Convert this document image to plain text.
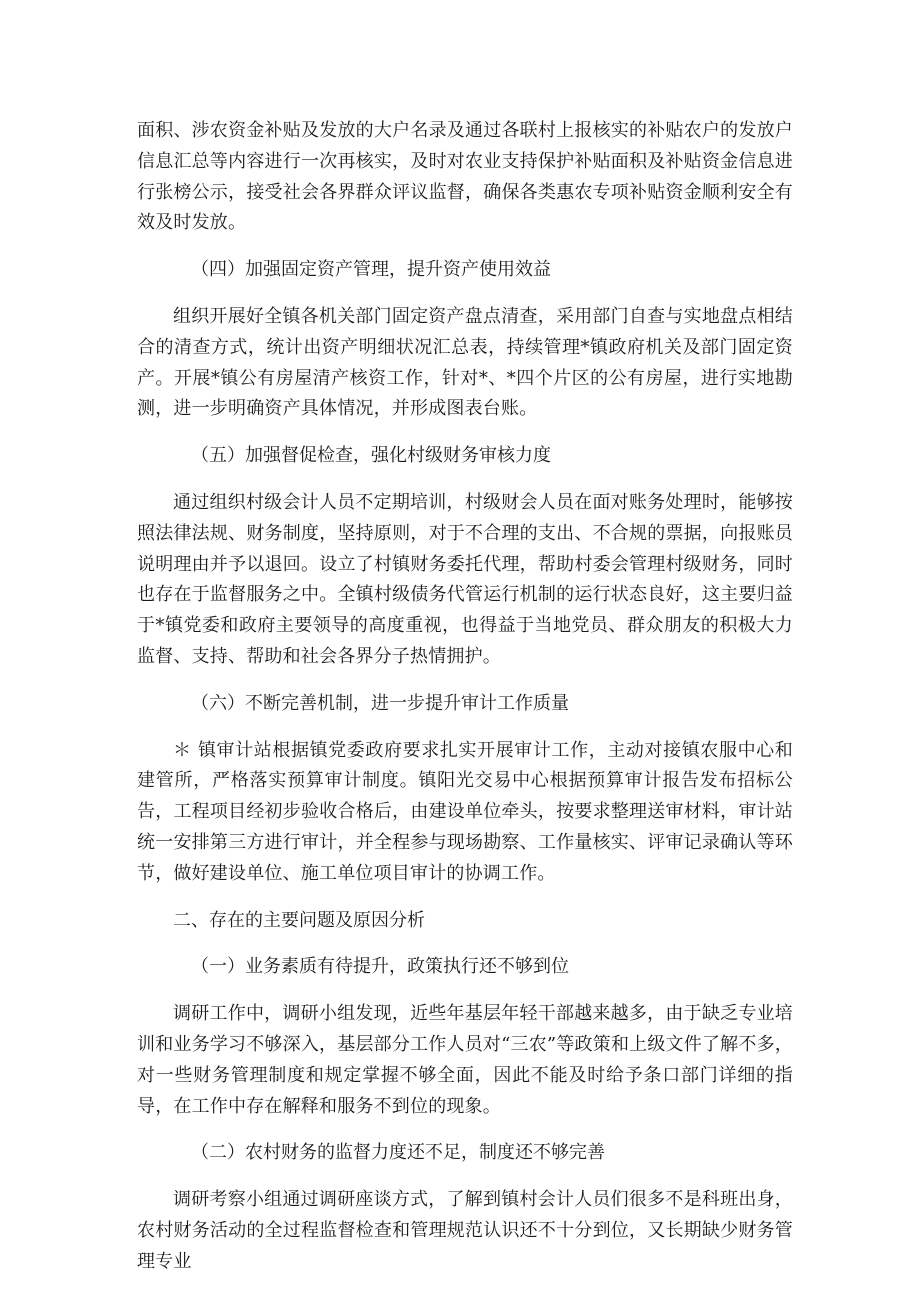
面积、涉农资金补贴及发放的大户名录及通过各联村上报核实的补贴农户的发放户信息汇总等内容进行一次再核实，及时对农业支持保护补贴面积及补贴资金信息进行张榜公示，接受社会各界群众评议监督，确保各类惠农专项补贴资金顺利安全有效及时发放。

（四）加强固定资产管理，提升资产使用效益

组织开展好全镇各机关部门固定资产盘点清查，采用部门自查与实地盘点相结合的清查方式，统计出资产明细状况汇总表，持续管理*镇政府机关及部门固定资产。开展*镇公有房屋清产核资工作，针对*、*四个片区的公有房屋，进行实地勘测，进一步明确资产具体情况，并形成图表台账。

（五）加强督促检查，强化村级财务审核力度

通过组织村级会计人员不定期培训，村级财会人员在面对账务处理时，能够按照法律法规、财务制度，坚持原则，对于不合理的支出、不合规的票据，向报账员说明理由并予以退回。设立了村镇财务委托代理，帮助村委会管理村级财务，同时也存在于监督服务之中。全镇村级债务代管运行机制的运行状态良好，这主要归益于*镇党委和政府主要领导的高度重视，也得益于当地党员、群众朋友的积极大力监督、支持、帮助和社会各界分子热情拥护。

（六）不断完善机制，进一步提升审计工作质量

＊ 镇审计站根据镇党委政府要求扎实开展审计工作，主动对接镇农服中心和建管所，严格落实预算审计制度。镇阳光交易中心根据预算审计报告发布招标公告，工程项目经初步验收合格后，由建设单位牵头，按要求整理送审材料，审计站统一安排第三方进行审计，并全程参与现场勘察、工作量核实、评审记录确认等环节，做好建设单位、施工单位项目审计的协调工作。

二、存在的主要问题及原因分析

（一）业务素质有待提升，政策执行还不够到位

调研工作中，调研小组发现，近些年基层年轻干部越来越多，由于缺乏专业培训和业务学习不够深入，基层部分工作人员对“三农”等政策和上级文件了解不多，对一些财务管理制度和规定掌握不够全面，因此不能及时给予条口部门详细的指导，在工作中存在解释和服务不到位的现象。

（二）农村财务的监督力度还不足，制度还不够完善

调研考察小组通过调研座谈方式，了解到镇村会计人员们很多不是科班出身，农村财务活动的全过程监督检查和管理规范认识还不十分到位，又长期缺少财务管理专业
